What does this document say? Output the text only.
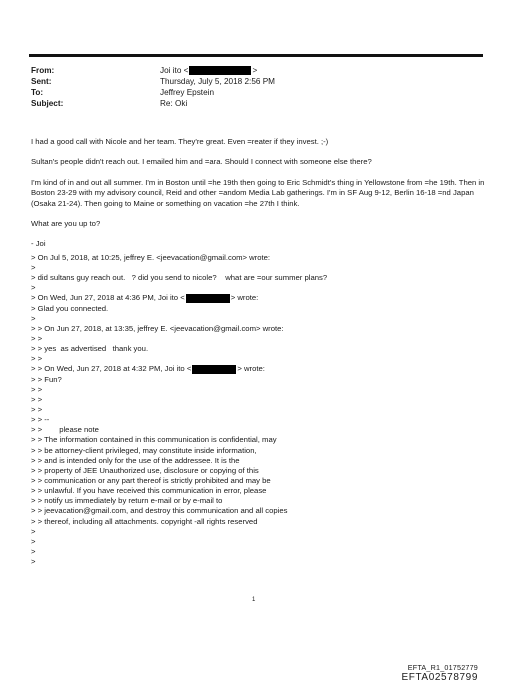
From:	Joi ito <	>
Sent:	Thursday, July 5, 2018 2:56 PM
To:	Jeffrey Epstein
Subject:	Re: Oki

I had a good call with Nicole and her team. They're great. Even =reater if they invest. ;-)

Sultan's people didn't reach out. I emailed him and =ara. Should I connect with someone else there?

I'm kind of in and out all summer. I'm in Boston until =he 19th then going to Eric Schmidt's thing in Yellowstone from =he 19th. Then in Boston 23-29 with my advisory council, Reid and other =andom Media Lab gatherings. I'm in SF Aug 9-12, Berlin 16-18 =nd Japan (Osaka 21-24). Then going to Maine or something on vacation =he 27th I think.

What are you up to?

- Joi

> On Jul 5, 2018, at 10:25, jeffrey E. <jeevacation@gmail.com> wrote:
>
> did sultans guy reach out.   ? did you send to nicole?    what are =our summer plans?
>
> On Wed, Jun 27, 2018 at 4:36 PM, Joi ito <	> wrote:
> Glad you connected.
>
> > On Jun 27, 2018, at 13:35, jeffrey E. <jeevacation@gmail.com> wrote:
> >
> > yes  as advertised   thank you.
> >
> > On Wed, Jun 27, 2018 at 4:32 PM, Joi ito <	> wrote:
> > Fun?
> >
> >
> >
> > --
> >        please note
> > The information contained in this communication is confidential, may
> > be attorney-client privileged, may constitute inside information,
> > and is intended only for the use of the addressee. It is the
> > property of JEE Unauthorized use, disclosure or copying of this
> > communication or any part thereof is strictly prohibited and may be
> > unlawful. If you have received this communication in error, please
> > notify us immediately by return e-mail or by e-mail to
> > jeevacation@gmail.com, and destroy this communication and all copies
> > thereof, including all attachments. copyright -all rights reserved
>
>
>
>
1
EFTA_R1_01752779
EFTA02578799
